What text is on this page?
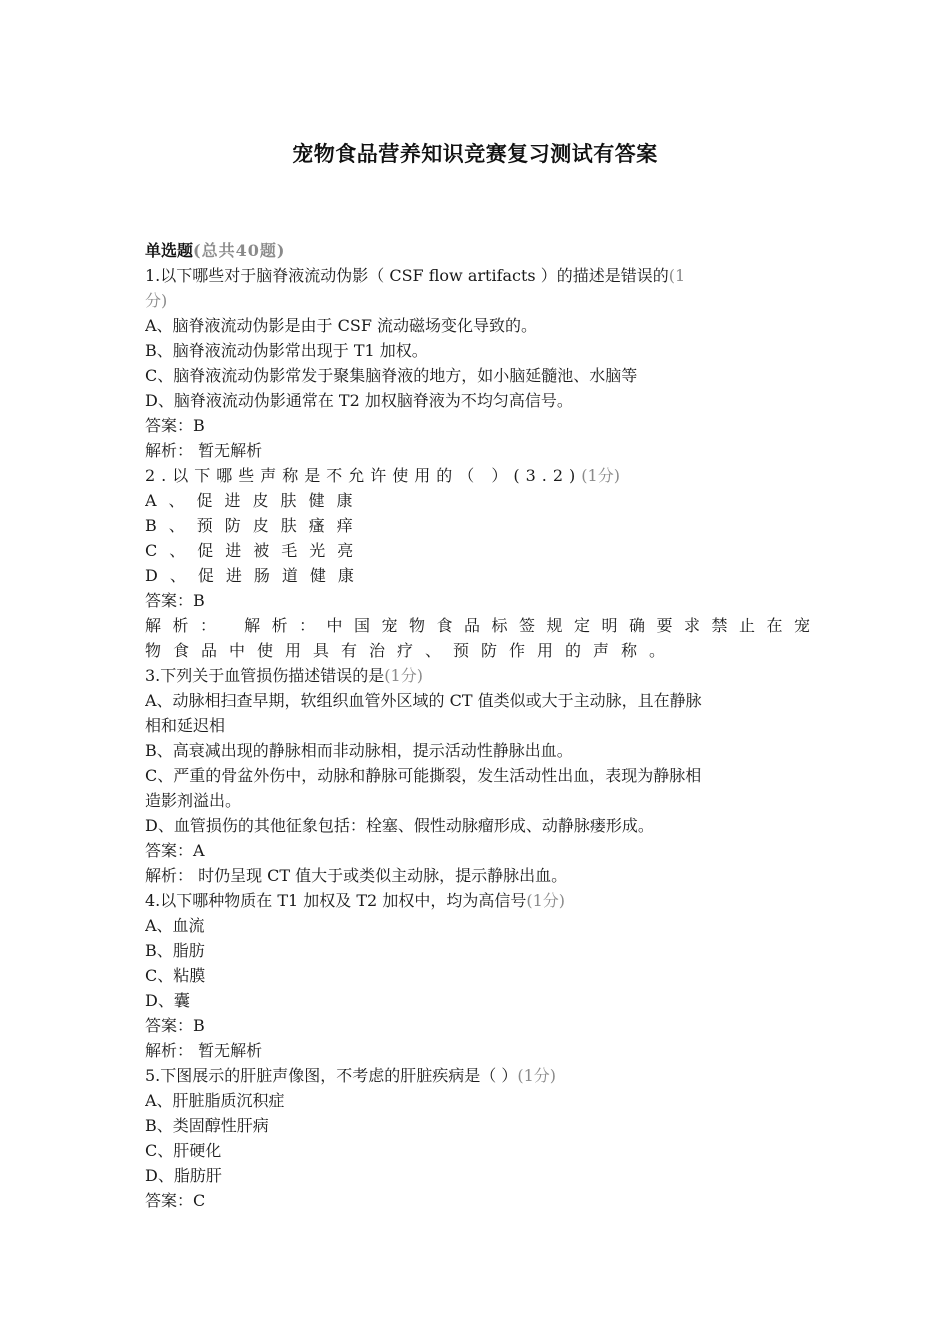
宠物食品营养知识竞赛复习测试有答案
单选题(总共40题)
1.以下哪些对于脑脊液流动伪影（ CSF flow artifacts ）的描述是错误的(1
分)
A、脑脊液流动伪影是由于 CSF 流动磁场变化导致的。
B、脑脊液流动伪影常出现于 T1 加权。
C、脑脊液流动伪影常发于聚集脑脊液的地方，如小脑延髓池、水脑等
D、脑脊液流动伪影通常在 T2 加权脑脊液为不均匀高信号。
答案：B
解析： 暂无解析
2.以下哪些声称是不允许使用的（ ）(3.2)(1分)
A、促进皮肤健康
B、预防皮肤瘙痒
C、促进被毛光亮
D、促进肠道健康
答案：B
解析： 解析：中国宠物食品标签规定明确要求禁止在宠
物食品中使用具有治疗、预防作用的声称。
3.下列关于血管损伤描述错误的是(1分)
A、动脉相扫查早期，软组织血管外区域的 CT 值类似或大于主动脉，且在静脉
相和延迟相
B、高衰减出现的静脉相而非动脉相，提示活动性静脉出血。
C、严重的骨盆外伤中，动脉和静脉可能撕裂，发生活动性出血，表现为静脉相
造影剂溢出。
D、血管损伤的其他征象包括：栓塞、假性动脉瘤形成、动静脉瘘形成。
答案：A
解析： 时仍呈现 CT 值大于或类似主动脉，提示静脉出血。
4.以下哪种物质在 T1 加权及 T2 加权中，均为高信号(1分)
A、血流
B、脂肪
C、粘膜
D、囊
答案：B
解析： 暂无解析
5.下图展示的肝脏声像图，不考虑的肝脏疾病是（ ）(1分)
A、肝脏脂质沉积症
B、类固醇性肝病
C、肝硬化
D、脂肪肝
答案：C
